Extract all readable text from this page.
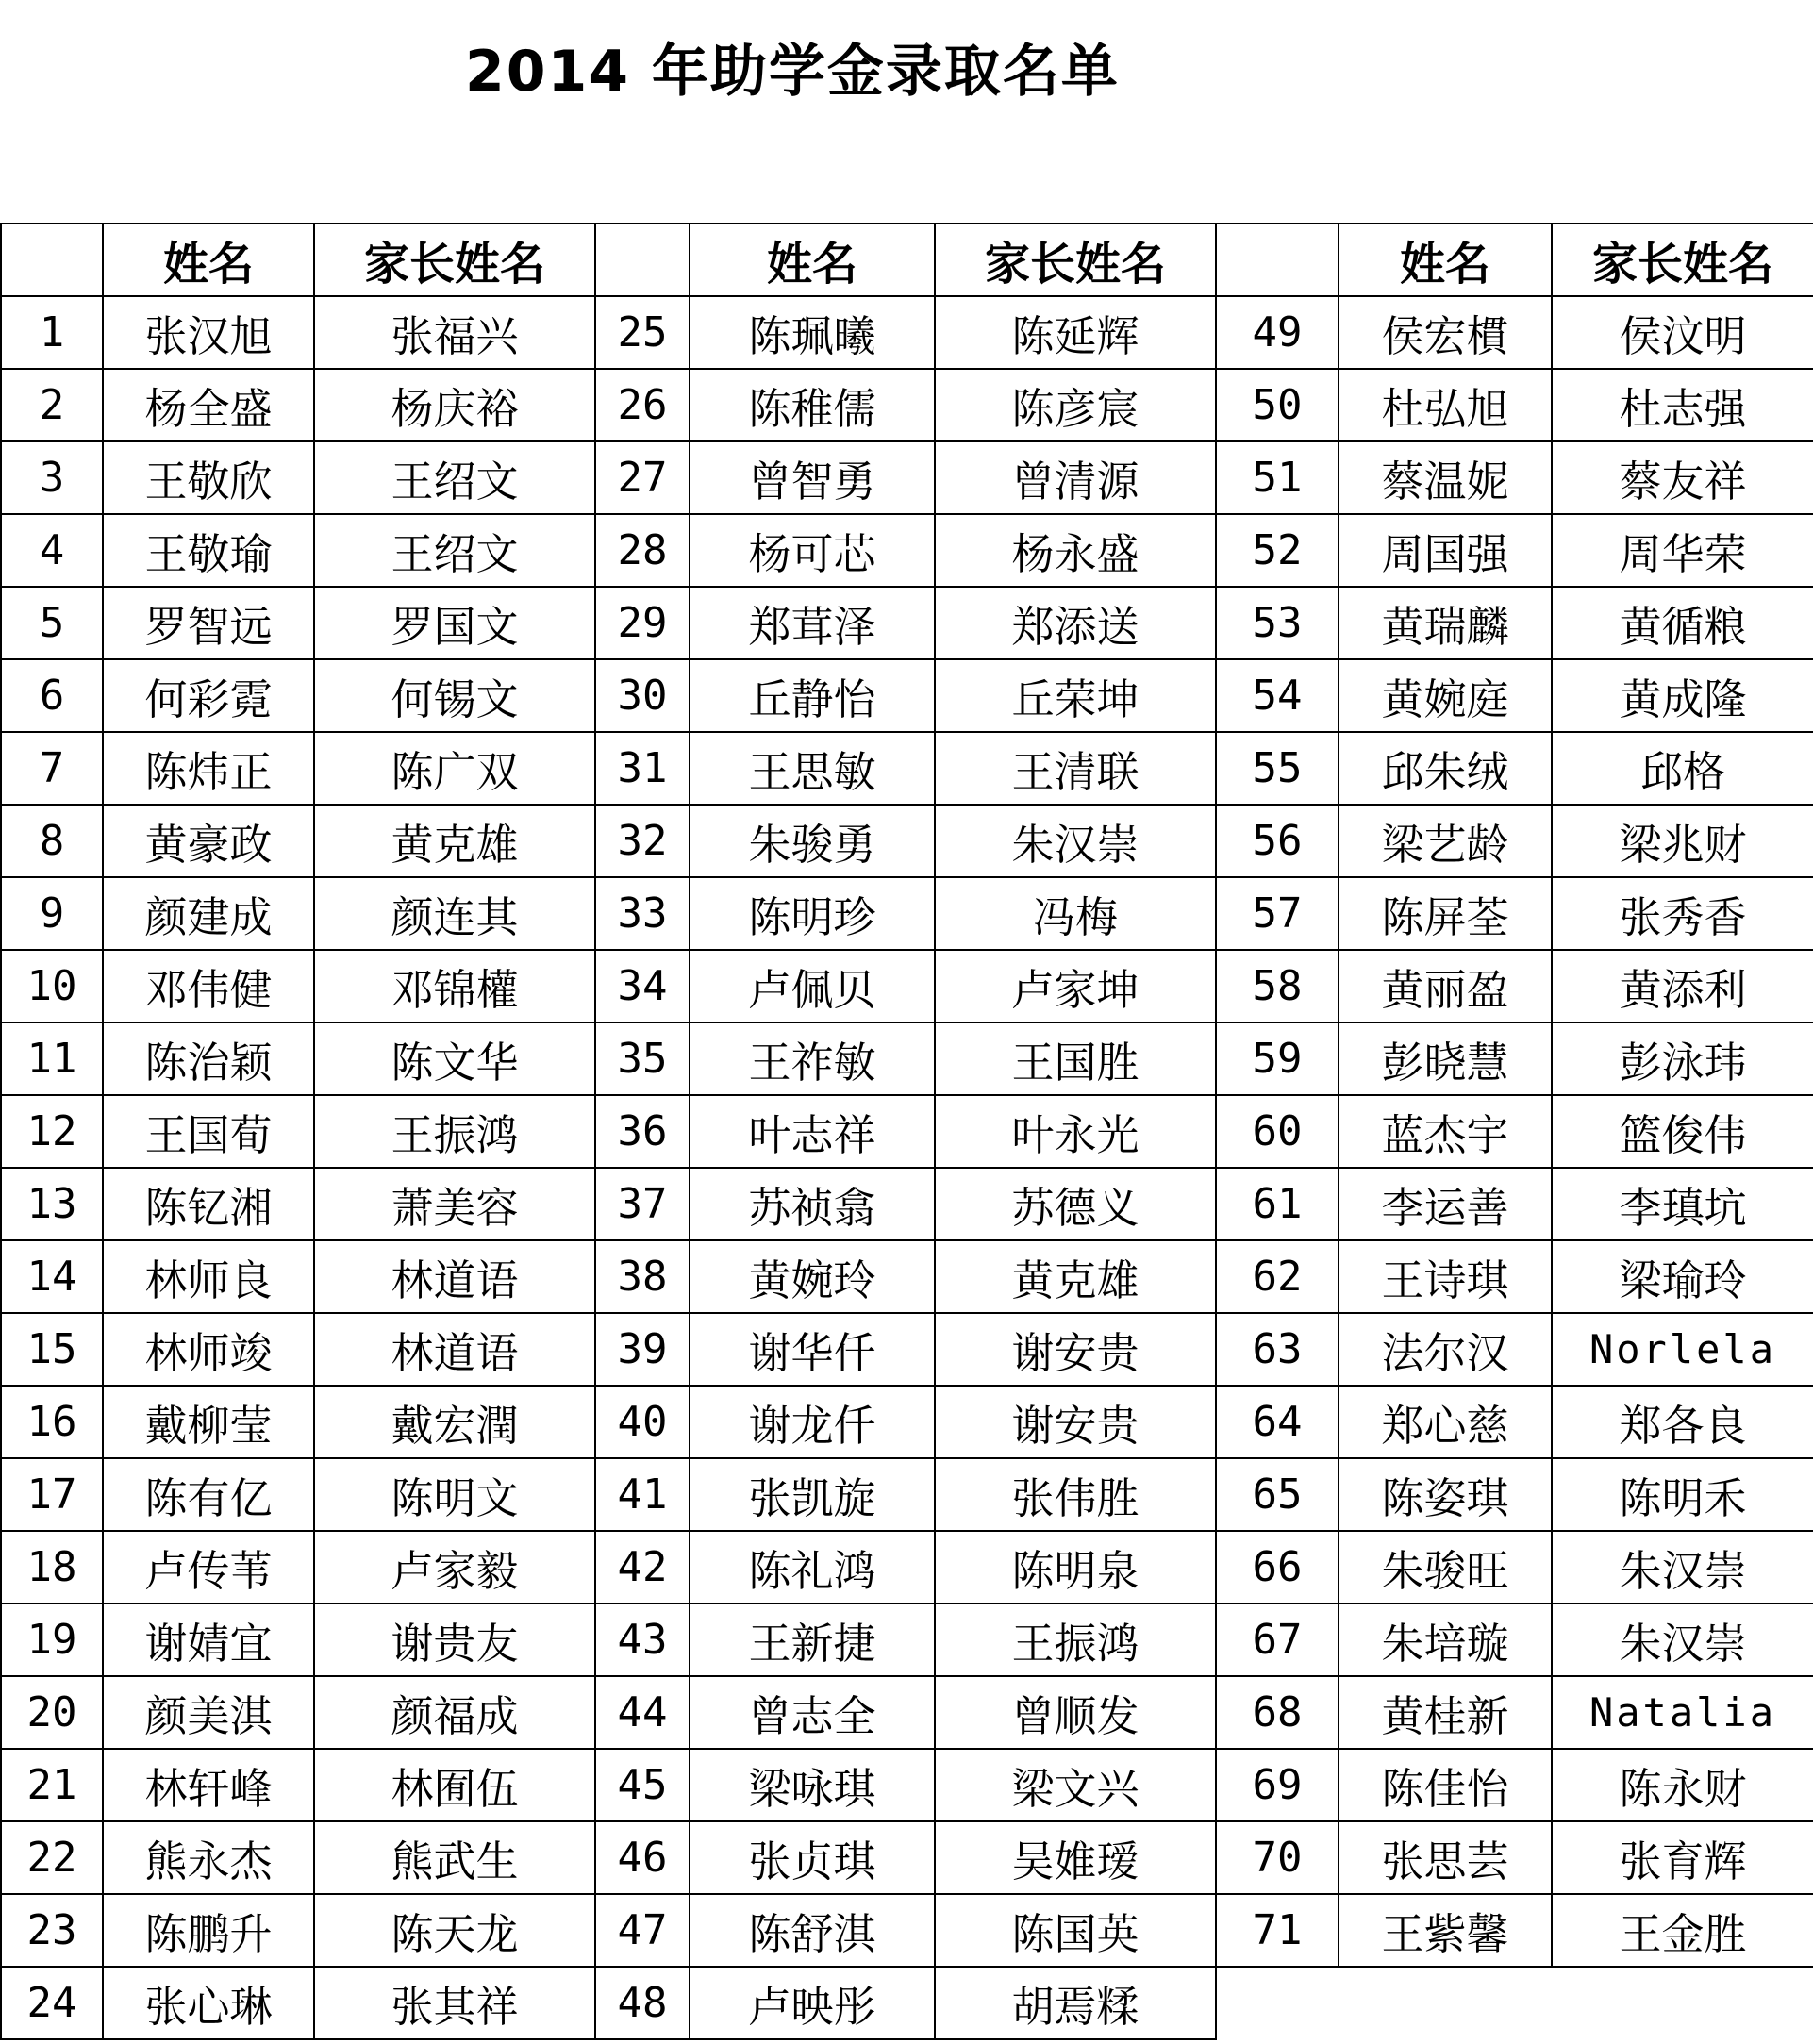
2014 年助学金录取名单
	姓名	家长姓名		姓名	家长姓名		姓名	家长姓名
1	张汉旭	张福兴	25	陈珮曦	陈延辉	49	侯宏樌	侯汶明
2	杨全盛	杨庆裕	26	陈稚儒	陈彦宸	50	杜弘旭	杜志强
3	王敬欣	王绍文	27	曾智勇	曾清源	51	蔡温妮	蔡友祥
4	王敬瑜	王绍文	28	杨可芯	杨永盛	52	周国强	周华荣
5	罗智远	罗国文	29	郑茸泽	郑添送	53	黄瑞麟	黄循粮
6	何彩霓	何锡文	30	丘静怡	丘荣坤	54	黄婉庭	黄成隆
7	陈炜正	陈广双	31	王思敏	王清联	55	邱朱绒	邱格
8	黄豪政	黄克雄	32	朱骏勇	朱汉崇	56	梁艺龄	梁兆财
9	颜建成	颜连其	33	陈明珍	冯梅	57	陈屏荃	张秀香
10	邓伟健	邓锦權	34	卢佩贝	卢家坤	58	黄丽盈	黄添利
11	陈治颖	陈文华	35	王祚敏	王国胜	59	彭晓慧	彭泳玮
12	王国荀	王振鸿	36	叶志祥	叶永光	60	蓝杰宇	篮俊伟
13	陈钇湘	萧美容	37	苏祯翕	苏德义	61	李运善	李瑱坑
14	林师良	林道语	38	黄婉玲	黄克雄	62	王诗琪	梁瑜玲
15	林师竣	林道语	39	谢华仟	谢安贵	63	法尔汉	Norlela
16	戴柳莹	戴宏潤	40	谢龙仟	谢安贵	64	郑心慈	郑各良
17	陈有亿	陈明文	41	张凯旋	张伟胜	65	陈姿琪	陈明禾
18	卢传苇	卢家毅	42	陈礼鸿	陈明泉	66	朱骏旺	朱汉崇
19	谢婧宜	谢贵友	43	王新捷	王振鸿	67	朱培璇	朱汉崇
20	颜美淇	颜福成	44	曾志全	曾顺发	68	黄桂新	Natalia
21	林轩峰	林囿伍	45	梁咏琪	梁文兴	69	陈佳怡	陈永财
22	熊永杰	熊武生	46	张贞琪	吴婎瑷	70	张思芸	张育辉
23	陈鹏升	陈天龙	47	陈舒淇	陈国英	71	王紫馨	王金胜
24	张心琳	张其祥	48	卢映彤	胡焉糅			
